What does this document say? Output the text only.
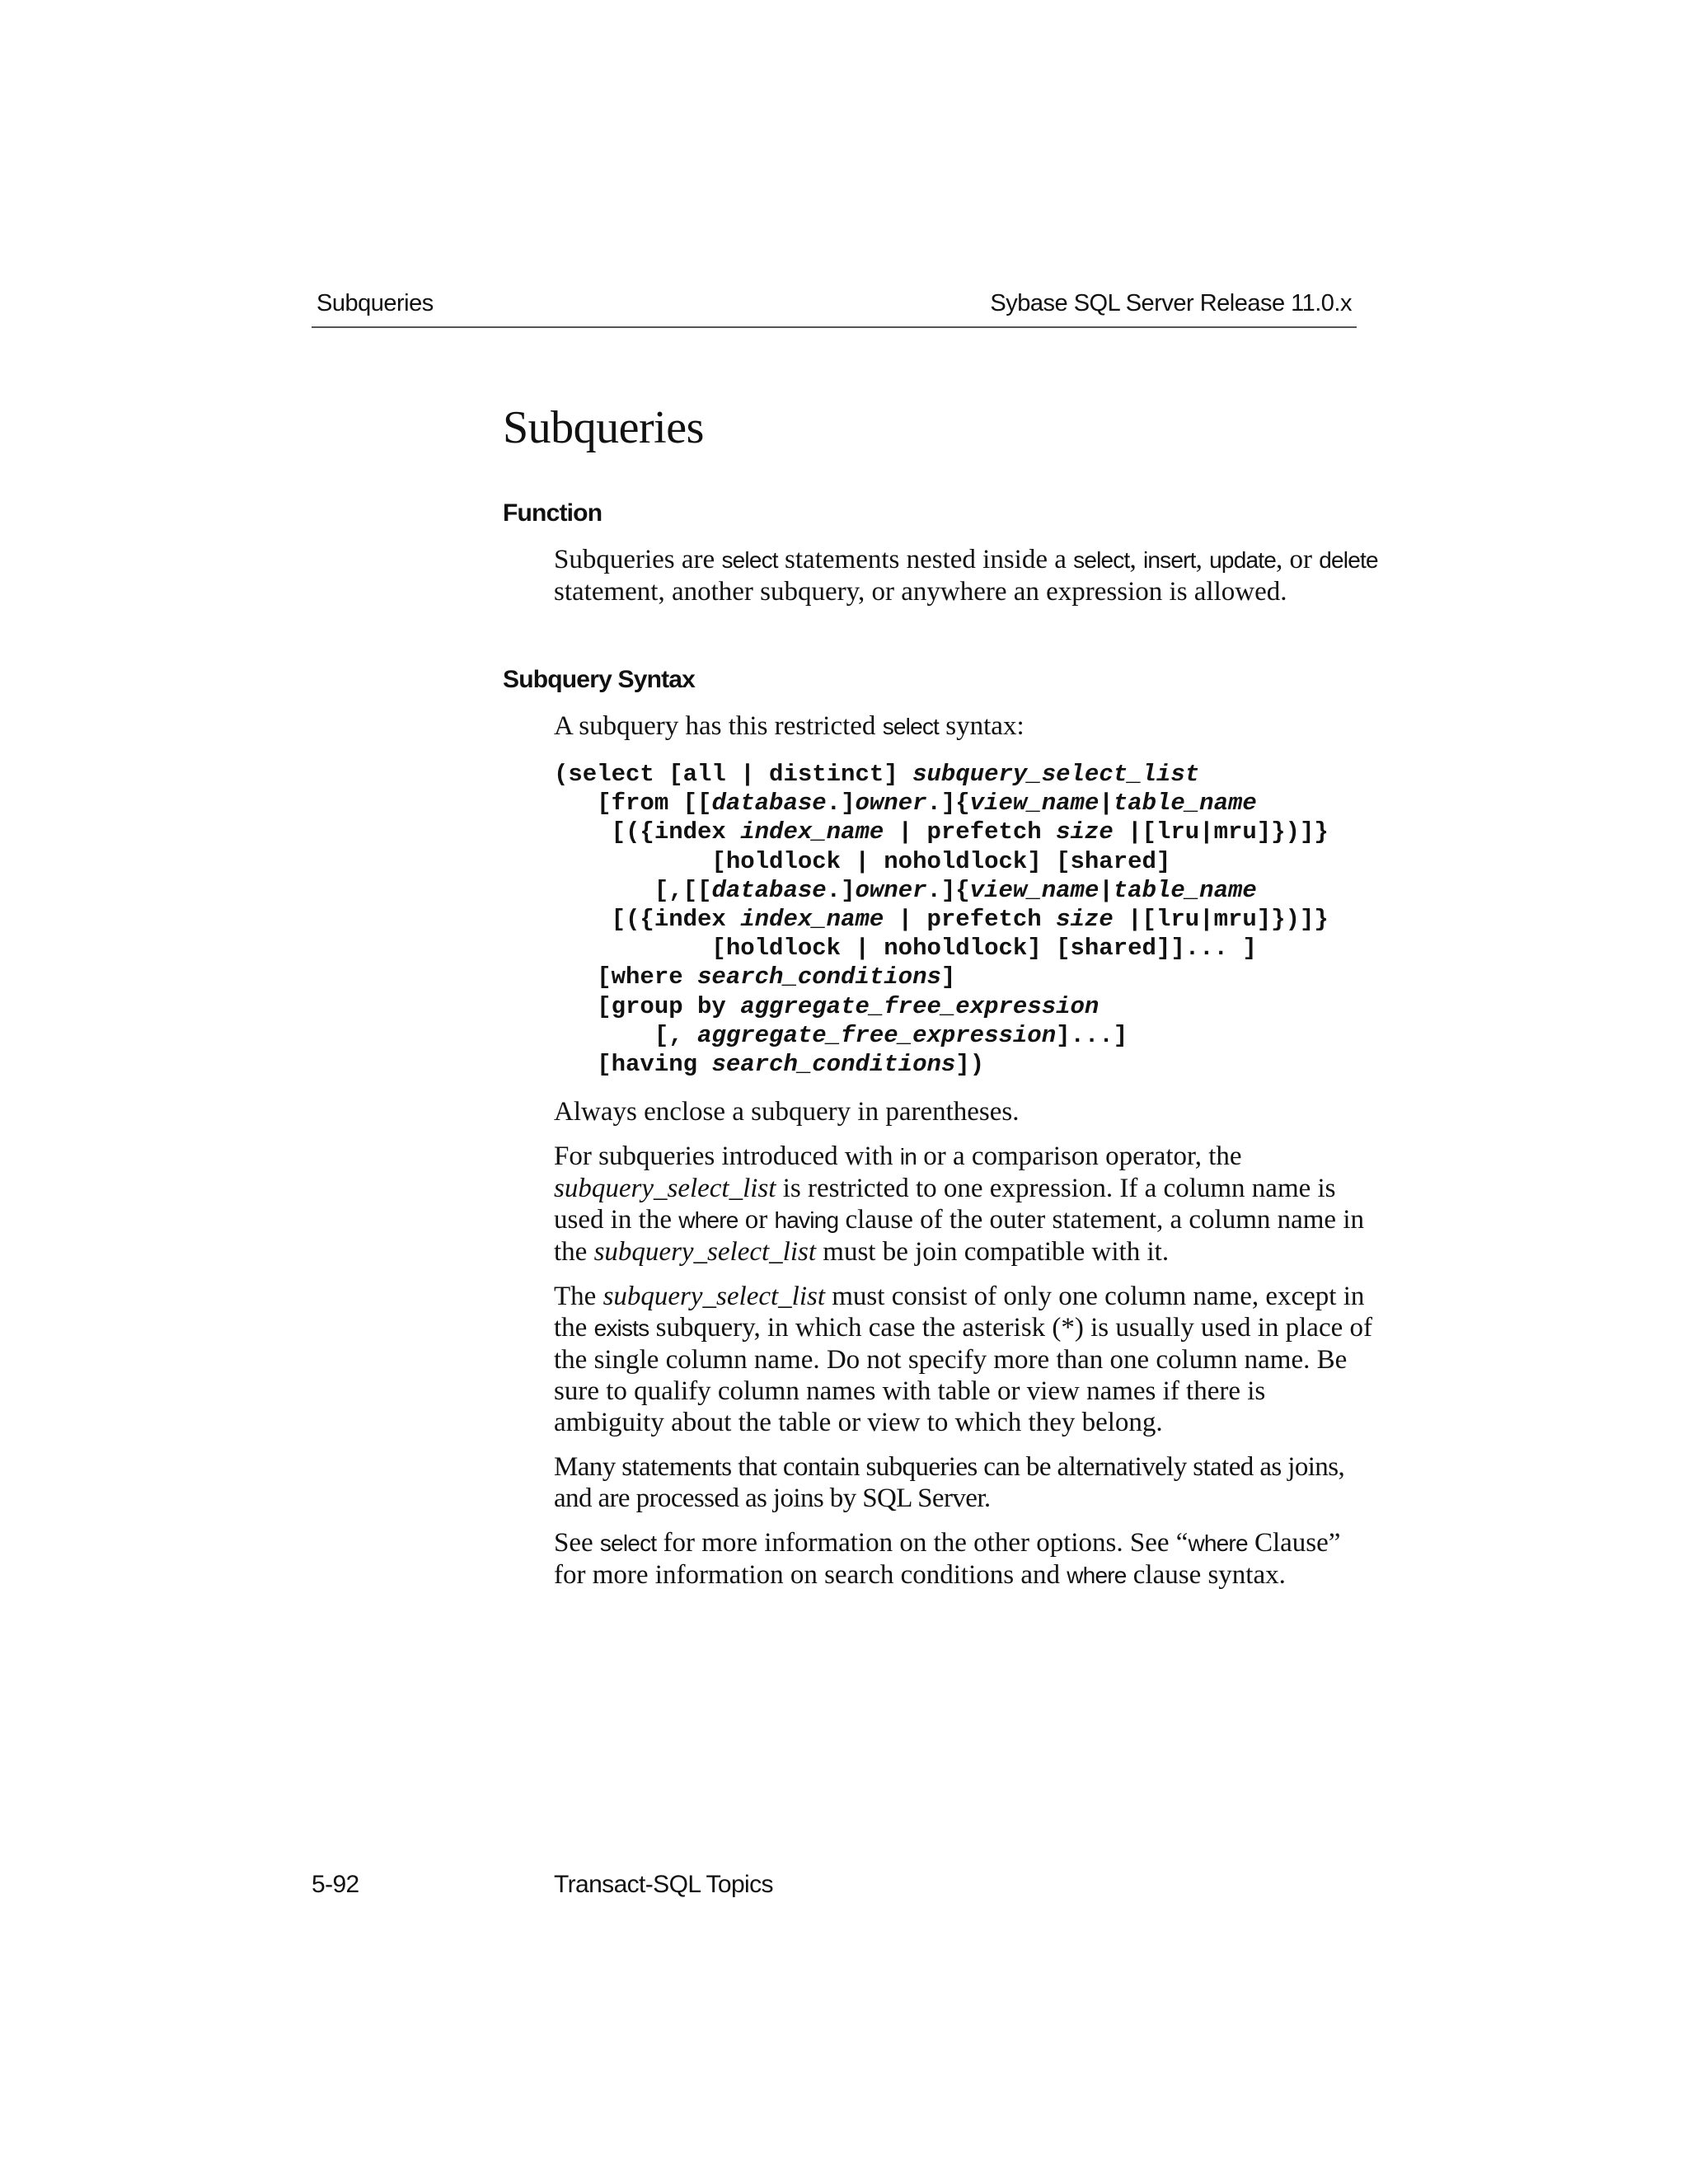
Subqueries	Sybase SQL Server Release 11.0.x
Subqueries
Function

Subqueries are select statements nested inside a select, insert, update, or delete statement, another subquery, or anywhere an expression is allowed.

Subquery Syntax

A subquery has this restricted select syntax:

(select [all | distinct] subquery_select_list
[from [[database.]owner.]{view_name|table_name
[({index index_name | prefetch size |[lru|mru]})]}
[holdlock | noholdlock] [shared]
[,[[database.]owner.]{view_name|table_name
[({index index_name | prefetch size |[lru|mru]})]}
[holdlock | noholdlock] [shared]]... ]
[where search_conditions]
[group by aggregate_free_expression
[, aggregate_free_expression]...]
[having search_conditions])

Always enclose a subquery in parentheses.

For subqueries introduced with in or a comparison operator, the subquery_select_list is restricted to one expression. If a column name is used in the where or having clause of the outer statement, a column name in the subquery_select_list must be join compatible with it.

The subquery_select_list must consist of only one column name, except in the exists subquery, in which case the asterisk (*) is usually used in place of the single column name. Do not specify more than one column name. Be sure to qualify column names with table or view names if there is ambiguity about the table or view to which they belong.

Many statements that contain subqueries can be alternatively stated as joins, and are processed as joins by SQL Server.

See select for more information on the other options. See “where Clause” for more information on search conditions and where clause syntax.

5-92	Transact-SQL Topics
